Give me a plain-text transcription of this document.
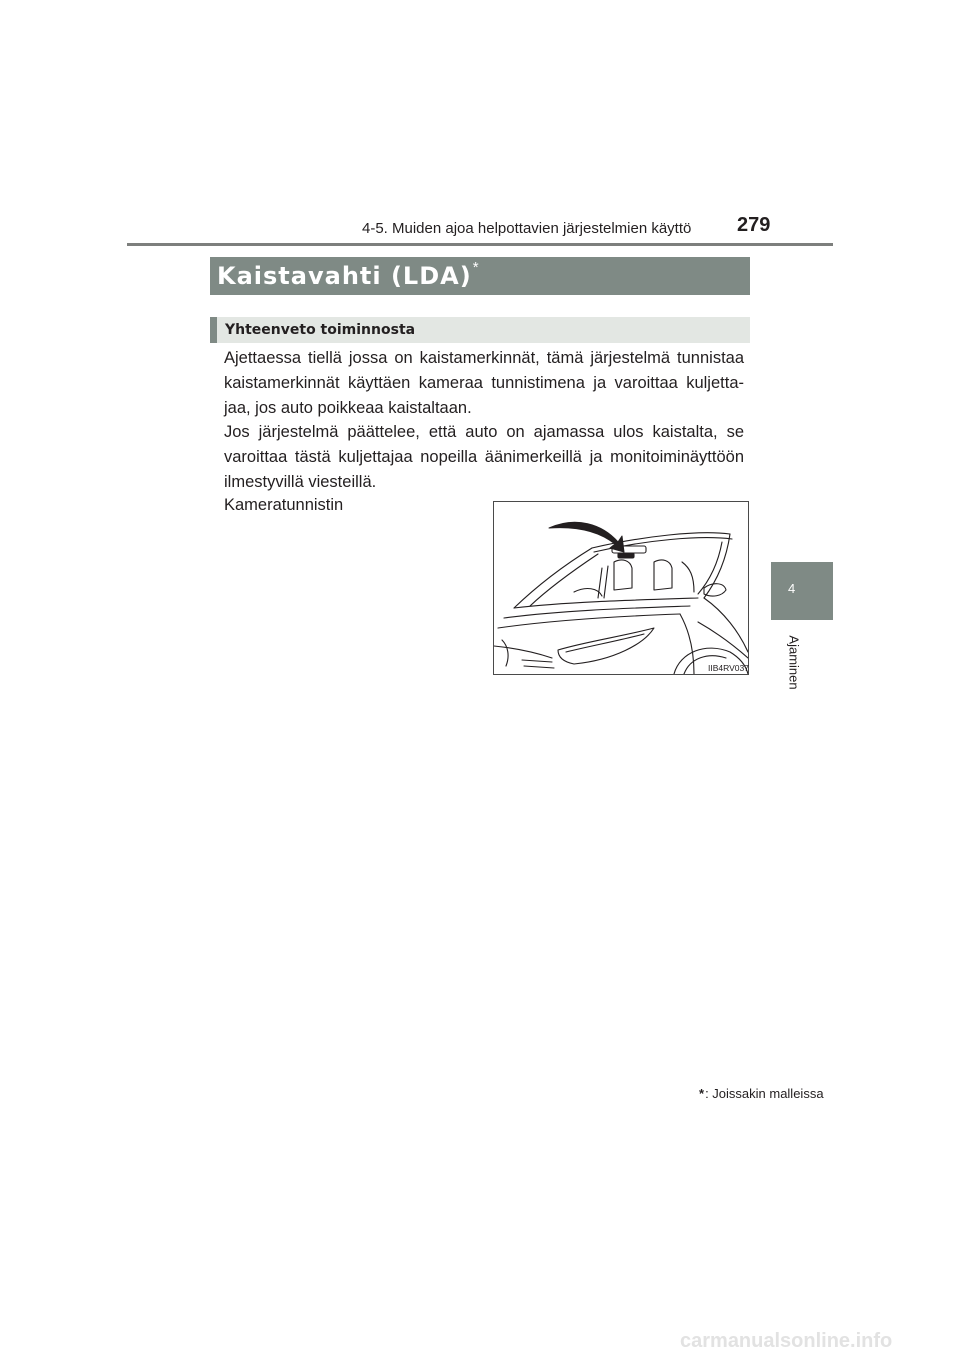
4-5. Muiden ajoa helpottavien järjestelmien käyttö 279
4
Ajaminen
Kaistavahti (LDA) *
Yhteenveto toiminnosta

Ajettaessa tiellä jossa on kaistamerkinnät, tämä järjestelmä tunnistaa kaistamerkinnät käyttäen kameraa tunnistimena ja varoittaa kuljetta-jaa, jos auto poikkeaa kaistaltaan.

Jos järjestelmä päättelee, että auto on ajamassa ulos kaistalta, se varoittaa tästä kuljettajaa nopeilla äänimerkeillä ja monitoiminäyttöön ilmestyvillä viesteillä.

Kameratunnistin
IIB4RV037
*: Joissakin malleissa
carmanualsonline.info
